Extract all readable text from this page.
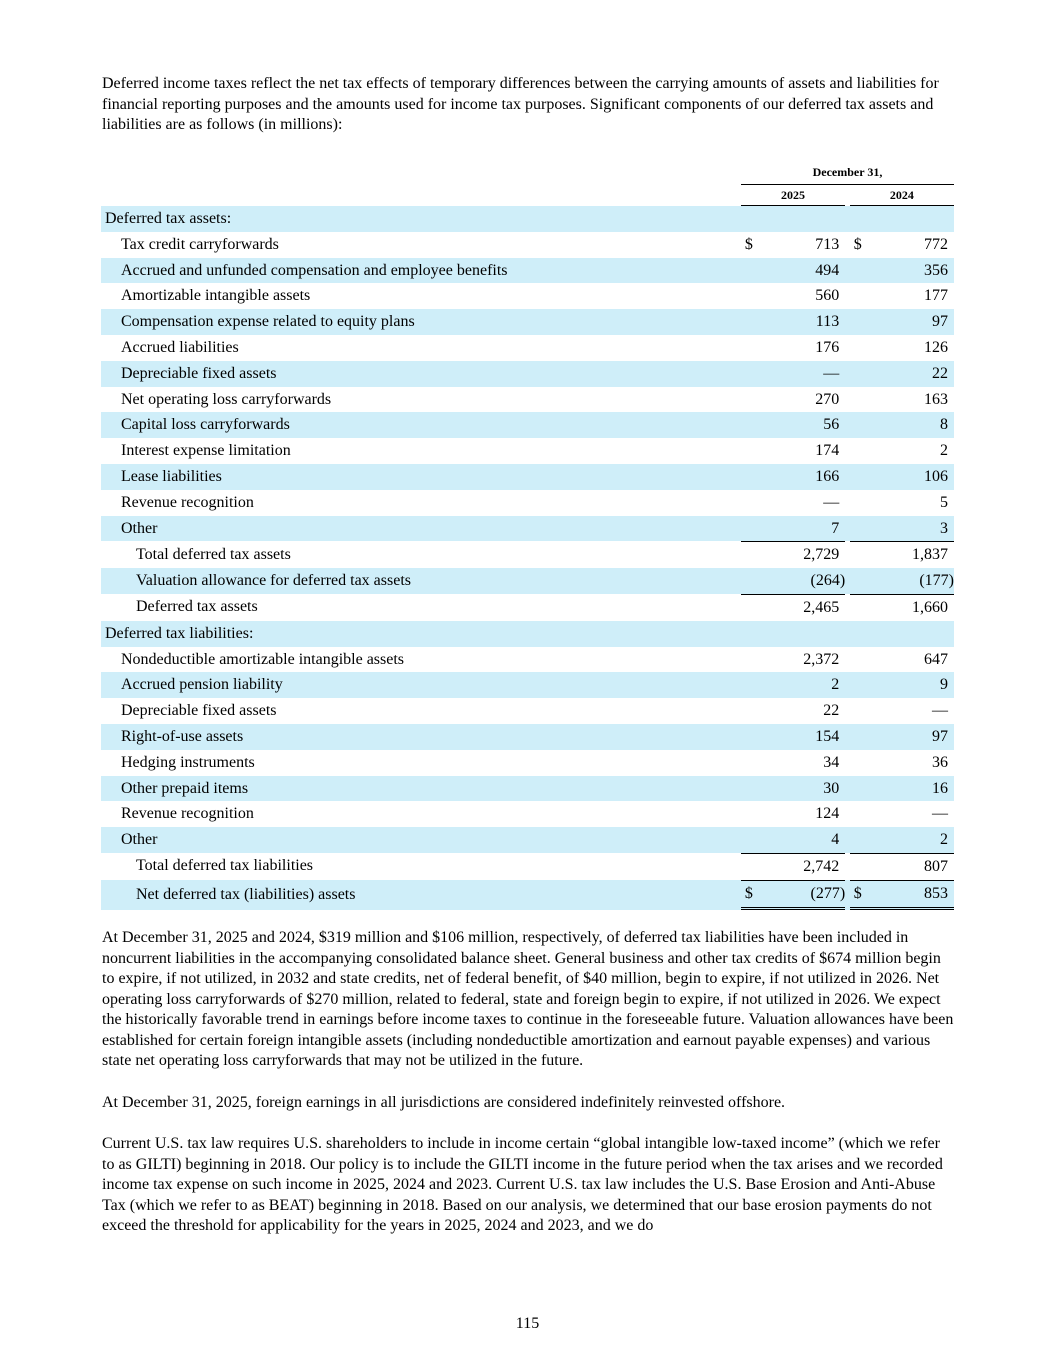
Deferred income taxes reflect the net tax effects of temporary differences between the carrying amounts of assets and liabilities for financial reporting purposes and the amounts used for income tax purposes. Significant components of our deferred tax assets and liabilities are as follows (in millions):

		December 31,		
		2025		2024
Deferred tax assets:				
Tax credit carryforwards		$ 713		$ 772

Accrued and unfunded compensation and employee benefits		494		356

Amortizable intangible assets		560		177

Compensation expense related to equity plans		113		97

Accrued liabilities		176		126

Depreciable fixed assets		—		22

Net operating loss carryforwards		270		163

Capital loss carryforwards		56		8

Interest expense limitation		174		2

Lease liabilities		166		106

Revenue recognition		—		5

Other		7		3

Total deferred tax assets		2,729		1,837

Valuation allowance for deferred tax assets		(264)		(177)

Deferred tax assets		2,465		1,660

Deferred tax liabilities:				
Nondeductible amortizable intangible assets		2,372		647

Accrued pension liability		2		9

Depreciable fixed assets		22		—

Right-of-use assets		154		97

Hedging instruments		34		36

Other prepaid items		30		16

Revenue recognition		124		—

Other		4		2

Total deferred tax liabilities		2,742		807

Net deferred tax (liabilities) assets		$ (277)		$ 853

At December 31, 2025 and 2024, $319 million and $106 million, respectively, of deferred tax liabilities have been included in noncurrent liabilities in the accompanying consolidated balance sheet. General business and other tax credits of $674 million begin to expire, if not utilized, in 2032 and state credits, net of federal benefit, of $40 million, begin to expire, if not utilized in 2026. Net operating loss carryforwards of $270 million, related to federal, state and foreign begin to expire, if not utilized in 2026. We expect the historically favorable trend in earnings before income taxes to continue in the foreseeable future. Valuation allowances have been established for certain foreign intangible assets (including nondeductible amortization and earnout payable expenses) and various state net operating loss carryforwards that may not be utilized in the future.

At December 31, 2025, foreign earnings in all jurisdictions are considered indefinitely reinvested offshore.

Current U.S. tax law requires U.S. shareholders to include in income certain “global intangible low-taxed income” (which we refer to as GILTI) beginning in 2018. Our policy is to include the GILTI income in the future period when the tax arises and we recorded income tax expense on such income in 2025, 2024 and 2023. Current U.S. tax law includes the U.S. Base Erosion and Anti-Abuse Tax (which we refer to as BEAT) beginning in 2018. Based on our analysis, we determined that our base erosion payments do not exceed the threshold for applicability for the years in 2025, 2024 and 2023, and we do

115
